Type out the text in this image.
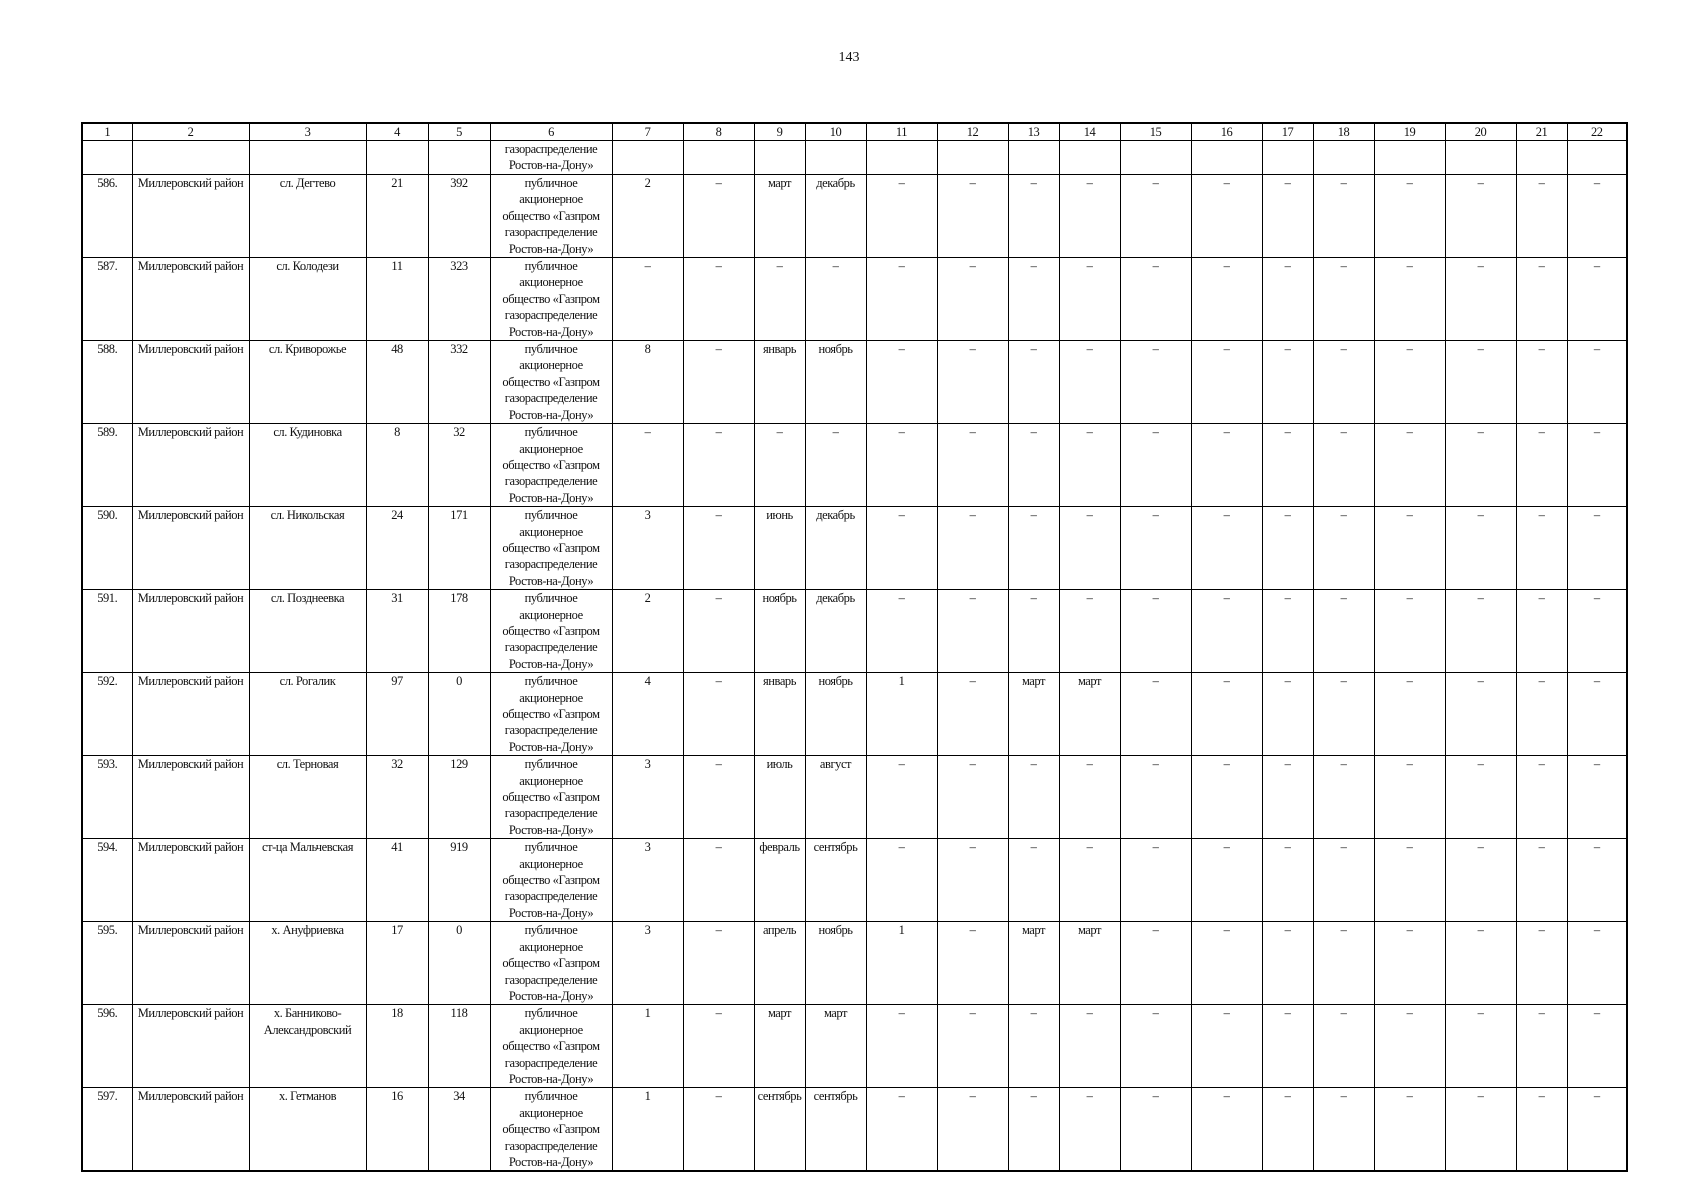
143
1	2	3	4	5	6	7	8	9	10	11	12	13	14	15	16	17	18	19	20	21	22

					газораспределение
Ростов-на-Дону»																

586.	Миллеровский район	сл. Дегтево	21	392	публичное
акционерное
общество «Газпром
газораспределение
Ростов-на-Дону»	2	–	март	декабрь	–	–	–	–	–	–	–	–	–	–	–	–
587.	Миллеровский район	сл. Колодези	11	323	публичное
акционерное
общество «Газпром
газораспределение
Ростов-на-Дону»	–	–	–	–	–	–	–	–	–	–	–	–	–	–	–	–
588.	Миллеровский район	сл. Криворожье	48	332	публичное
акционерное
общество «Газпром
газораспределение
Ростов-на-Дону»	8	–	январь	ноябрь	–	–	–	–	–	–	–	–	–	–	–	–
589.	Миллеровский район	сл. Кудиновка	8	32	публичное
акционерное
общество «Газпром
газораспределение
Ростов-на-Дону»	–	–	–	–	–	–	–	–	–	–	–	–	–	–	–	–
590.	Миллеровский район	сл. Никольская	24	171	публичное
акционерное
общество «Газпром
газораспределение
Ростов-на-Дону»	3	–	июнь	декабрь	–	–	–	–	–	–	–	–	–	–	–	–
591.	Миллеровский район	сл. Позднеевка	31	178	публичное
акционерное
общество «Газпром
газораспределение
Ростов-на-Дону»	2	–	ноябрь	декабрь	–	–	–	–	–	–	–	–	–	–	–	–
592.	Миллеровский район	сл. Рогалик	97	0	публичное
акционерное
общество «Газпром
газораспределение
Ростов-на-Дону»	4	–	январь	ноябрь	1	–	март	март	–	–	–	–	–	–	–	–
593.	Миллеровский район	сл. Терновая	32	129	публичное
акционерное
общество «Газпром
газораспределение
Ростов-на-Дону»	3	–	июль	август	–	–	–	–	–	–	–	–	–	–	–	–
594.	Миллеровский район	ст-ца Мальчевская	41	919	публичное
акционерное
общество «Газпром
газораспределение
Ростов-на-Дону»	3	–	февраль	сентябрь	–	–	–	–	–	–	–	–	–	–	–	–
595.	Миллеровский район	х. Ануфриевка	17	0	публичное
акционерное
общество «Газпром
газораспределение
Ростов-на-Дону»	3	–	апрель	ноябрь	1	–	март	март	–	–	–	–	–	–	–	–
596.	Миллеровский район	х. Банниково-Александровский	18	118	публичное
акционерное
общество «Газпром
газораспределение
Ростов-на-Дону»	1	–	март	март	–	–	–	–	–	–	–	–	–	–	–	–
597.	Миллеровский район	х. Гетманов	16	34	публичное
акционерное
общество «Газпром
газораспределение
Ростов-на-Дону»	1	–	сентябрь	сентябрь	–	–	–	–	–	–	–	–	–	–	–	–
